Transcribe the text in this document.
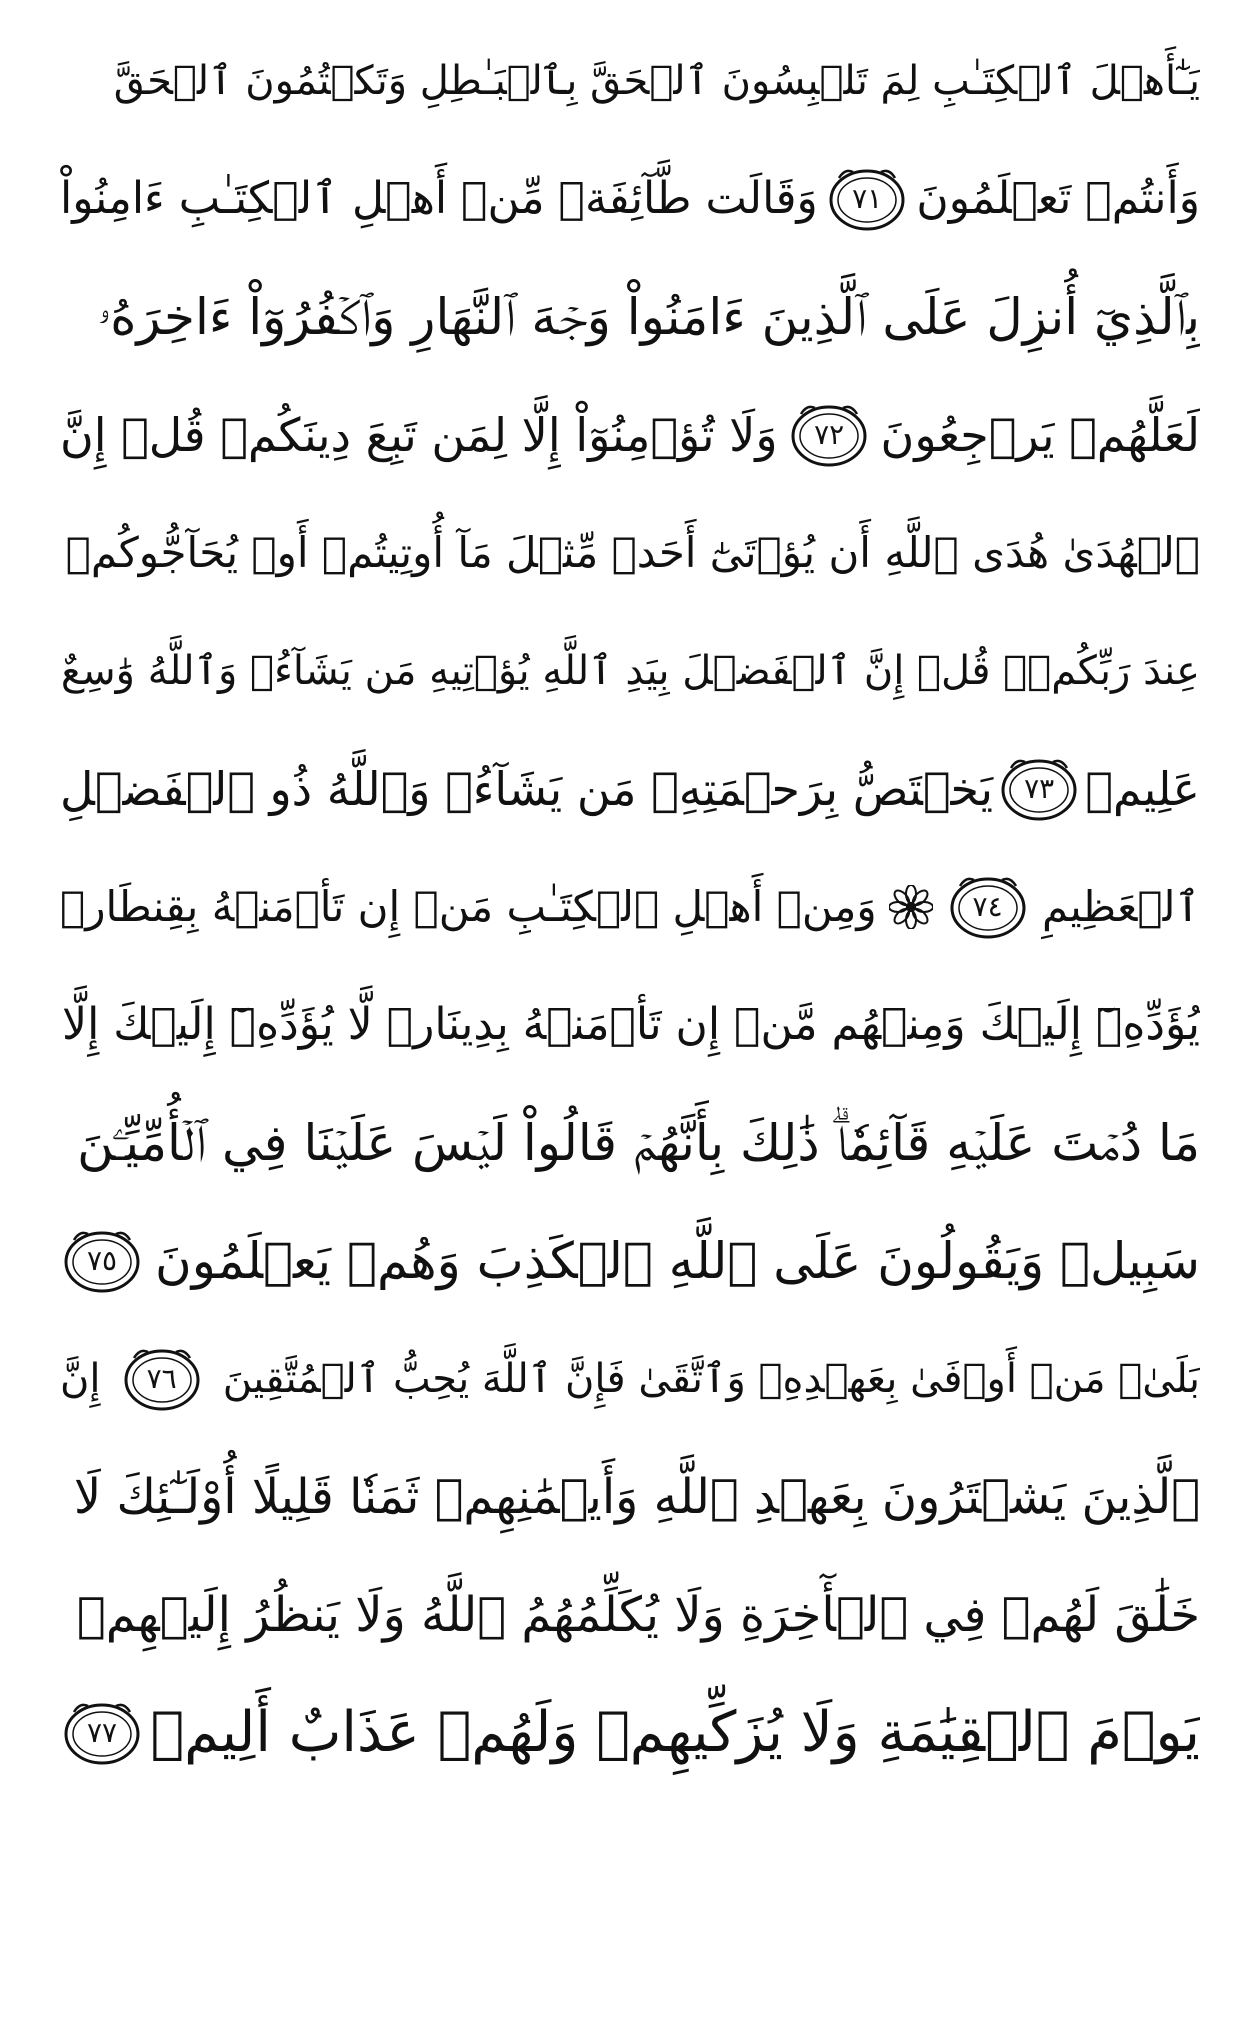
يَـٰٓأَهۡلَ ٱلۡكِتَـٰبِ لِمَ تَلۡبِسُونَ ٱلۡحَقَّ بِٱلۡبَـٰطِلِ وَتَكۡتُمُونَ ٱلۡحَقَّ
وَأَنتُمۡ تَعۡلَمُونَ
٧١
وَقَالَت طَّآئِفَةٞ مِّنۡ أَهۡلِ ٱلۡكِتَـٰبِ ءَامِنُواْ
بِٱلَّذِيٓ أُنزِلَ عَلَى ٱلَّذِينَ ءَامَنُواْ وَجۡهَ ٱلنَّهَارِ وَٱكۡفُرُوٓاْ ءَاخِرَهُۥ
لَعَلَّهُمۡ يَرۡجِعُونَ
٧٢
وَلَا تُؤۡمِنُوٓاْ إِلَّا لِمَن تَبِعَ دِينَكُمۡ قُلۡ إِنَّ
ٱلۡهُدَىٰ هُدَى ٱللَّهِ أَن يُؤۡتَىٰٓ أَحَدٞ مِّثۡلَ مَآ أُوتِيتُمۡ أَوۡ يُحَآجُّوكُمۡ
عِندَ رَبِّكُمۡۗ قُلۡ إِنَّ ٱلۡفَضۡلَ بِيَدِ ٱللَّهِ يُؤۡتِيهِ مَن يَشَآءُۗ وَٱللَّهُ وَٰسِعٌ
عَلِيمٞ
٧٣
يَخۡتَصُّ بِرَحۡمَتِهِۦ مَن يَشَآءُۗ وَٱللَّهُ ذُو ٱلۡفَضۡلِ
ٱلۡعَظِيمِ
٧٤
وَمِنۡ أَهۡلِ ٱلۡكِتَـٰبِ مَنۡ إِن تَأۡمَنۡهُ بِقِنطَارٖ
يُؤَدِّهِۦٓ إِلَيۡكَ وَمِنۡهُم مَّنۡ إِن تَأۡمَنۡهُ بِدِينَارٖ لَّا يُؤَدِّهِۦٓ إِلَيۡكَ إِلَّا
مَا دُمۡتَ عَلَيۡهِ قَآئِمٗاۗ ذَٰلِكَ بِأَنَّهُمۡ قَالُواْ لَيۡسَ عَلَيۡنَا فِي ٱلۡأُمِّيِّـۧنَ
سَبِيلٞ وَيَقُولُونَ عَلَى ٱللَّهِ ٱلۡكَذِبَ وَهُمۡ يَعۡلَمُونَ
٧٥
بَلَىٰۚ مَنۡ أَوۡفَىٰ بِعَهۡدِهِۦ وَٱتَّقَىٰ فَإِنَّ ٱللَّهَ يُحِبُّ ٱلۡمُتَّقِينَ
٧٦
إِنَّ
ٱلَّذِينَ يَشۡتَرُونَ بِعَهۡدِ ٱللَّهِ وَأَيۡمَٰنِهِمۡ ثَمَنٗا قَلِيلًا أُوْلَـٰٓئِكَ لَا
خَلَٰقَ لَهُمۡ فِي ٱلۡأٓخِرَةِ وَلَا يُكَلِّمُهُمُ ٱللَّهُ وَلَا يَنظُرُ إِلَيۡهِمۡ
يَوۡمَ ٱلۡقِيَٰمَةِ وَلَا يُزَكِّيهِمۡ وَلَهُمۡ عَذَابٌ أَلِيمٞ
٧٧
